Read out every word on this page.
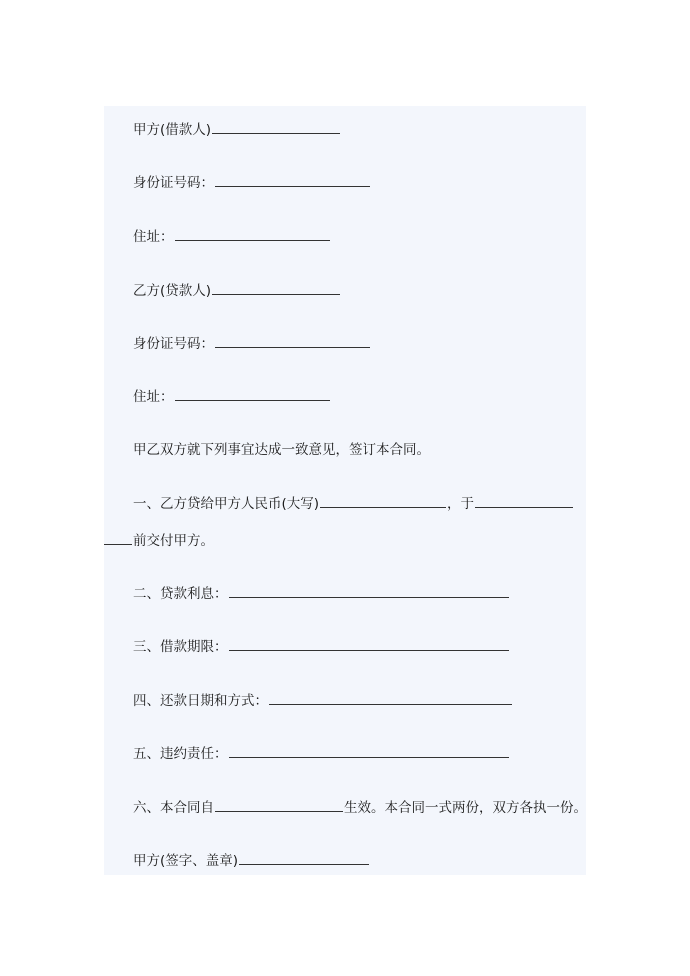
甲方(借款人)
身份证号码：
住址：
乙方(贷款人)
身份证号码：
住址：
甲乙双方就下列事宜达成一致意见，签订本合同。
一、乙方贷给甲方人民币(大写)	，于
前交付甲方。
二、贷款利息：
三、借款期限：
四、还款日期和方式：
五、违约责任：
六、本合同自	生效。本合同一式两份，双方各执一份。
甲方(签字、盖章)
